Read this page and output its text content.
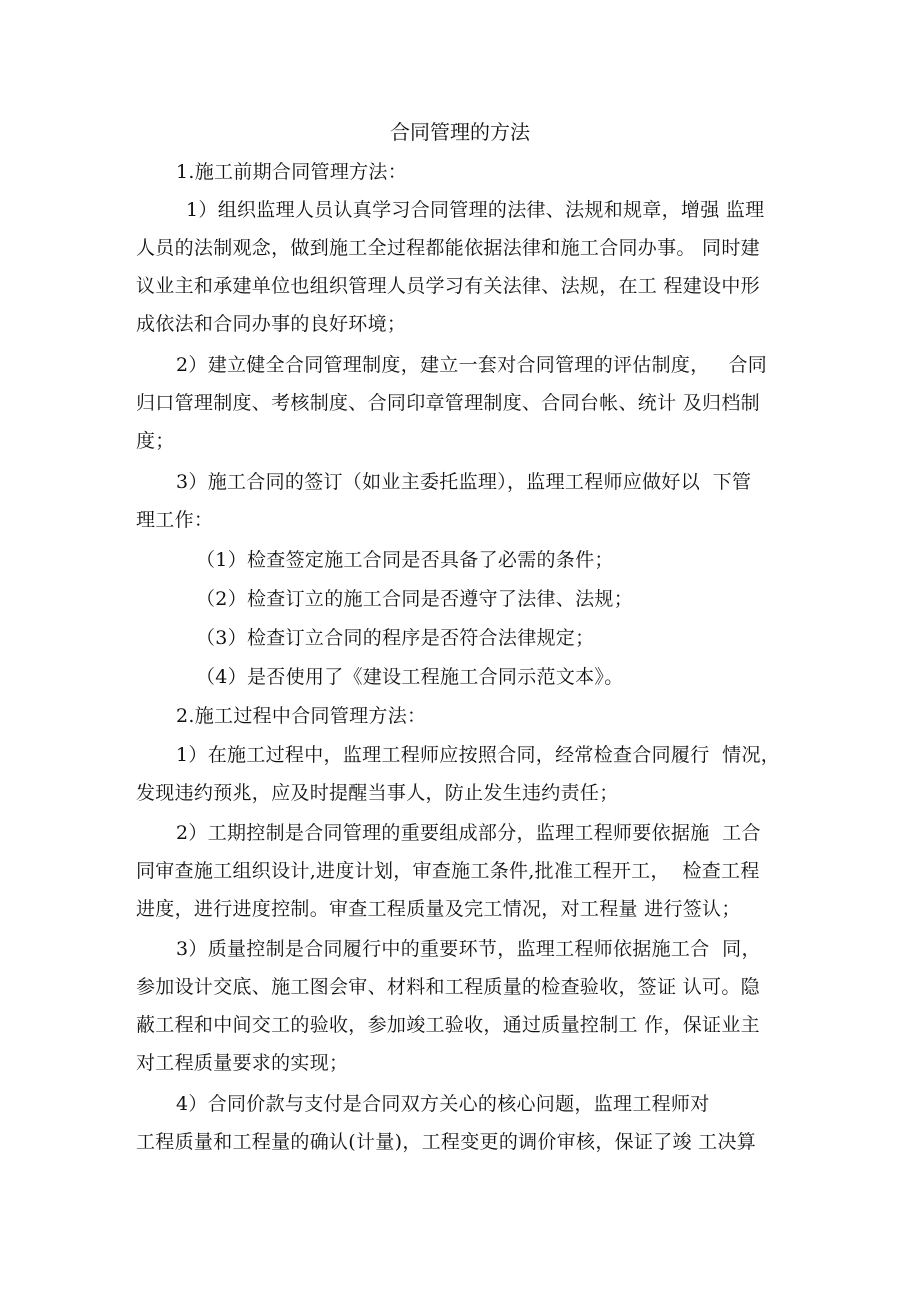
合同管理的方法
1.施工前期合同管理方法：
1）组织监理人员认真学习合同管理的法律、法规和规章，增强 监理
人员的法制观念，做到施工全过程都能依据法律和施工合同办事。 同时建
议业主和承建单位也组织管理人员学习有关法律、法规，在工 程建设中形
成依法和合同办事的良好环境；
2）建立健全合同管理制度，建立一套对合同管理的评估制度，   合同
归口管理制度、考核制度、合同印章管理制度、合同台帐、统计 及归档制
度；
3）施工合同的签订（如业主委托监理），监理工程师应做好以  下管
理工作：
（1）检查签定施工合同是否具备了必需的条件；
（2）检查订立的施工合同是否遵守了法律、法规；
（3）检查订立合同的程序是否符合法律规定；
（4）是否使用了《建设工程施工合同示范文本》。
2.施工过程中合同管理方法：
1）在施工过程中，监理工程师应按照合同，经常检查合同履行  情况，
发现违约预兆，应及时提醒当事人，防止发生违约责任；
2）工期控制是合同管理的重要组成部分，监理工程师要依据施  工合
同审查施工组织设计,进度计划，审查施工条件,批准工程开工，  检查工程
进度，进行进度控制。审查工程质量及完工情况，对工程量 进行签认；
3）质量控制是合同履行中的重要环节，监理工程师依据施工合  同，
参加设计交底、施工图会审、材料和工程质量的检查验收，签证 认可。隐
蔽工程和中间交工的验收，参加竣工验收，通过质量控制工 作，保证业主
对工程质量要求的实现；
4）合同价款与支付是合同双方关心的核心问题，监理工程师对
工程质量和工程量的确认(计量)，工程变更的调价审核，保证了竣 工决算
